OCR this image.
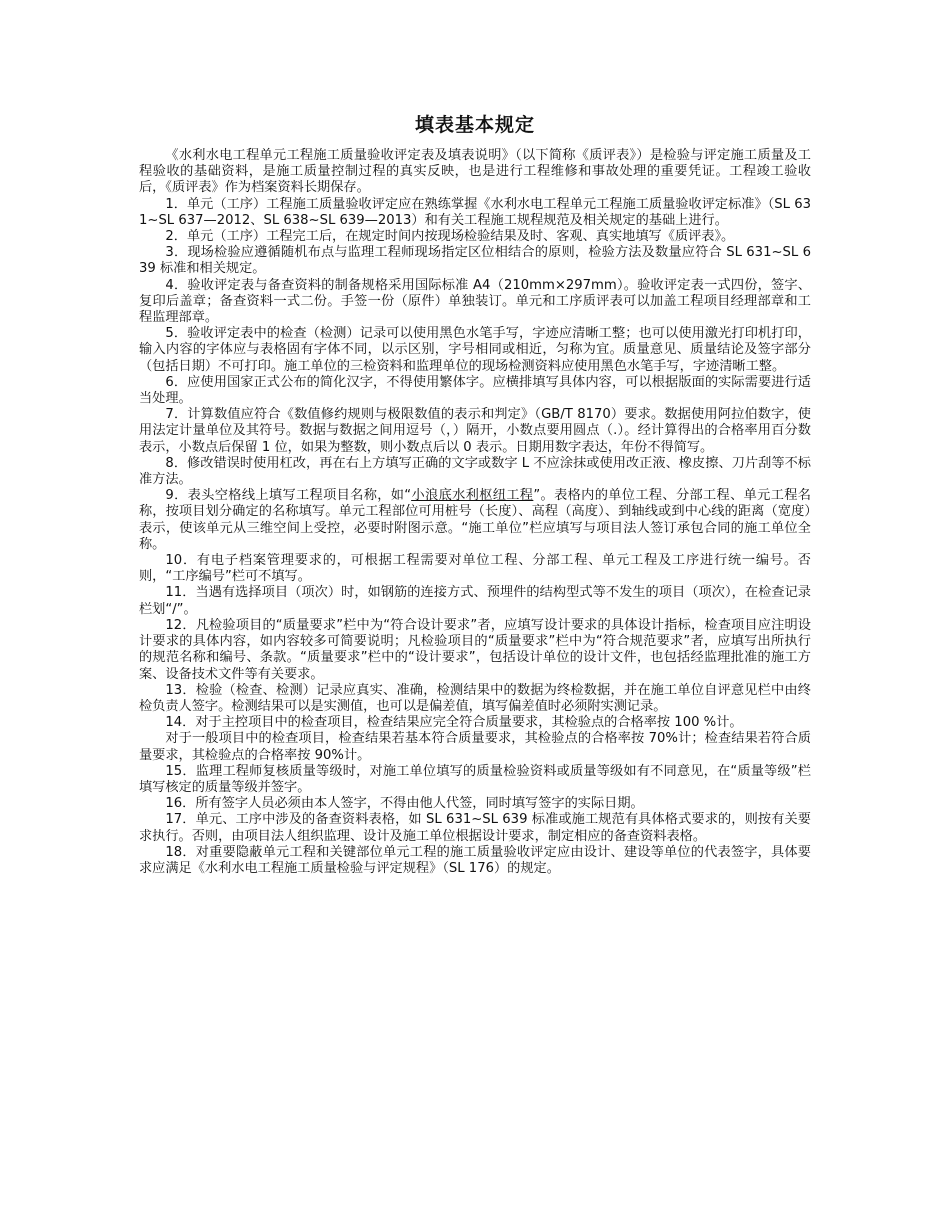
填表基本规定

《水利水电工程单元工程施工质量验收评定表及填表说明》（以下简称《质评表》）是检验与评定施工质量及工程验收的基础资料，是施工质量控制过程的真实反映，也是进行工程维修和事故处理的重要凭证。工程竣工验收后，《质评表》作为档案资料长期保存。

1．单元（工序）工程施工质量验收评定应在熟练掌握《水利水电工程单元工程施工质量验收评定标准》（SL 631~SL 637—2012、SL 638~SL 639—2013）和有关工程施工规程规范及相关规定的基础上进行。

2．单元（工序）工程完工后，在规定时间内按现场检验结果及时、客观、真实地填写《质评表》。

3．现场检验应遵循随机布点与监理工程师现场指定区位相结合的原则，检验方法及数量应符合 SL 631~SL 639 标准和相关规定。

4．验收评定表与备查资料的制备规格采用国际标准 A4（210mm×297mm）。验收评定表一式四份，签字、复印后盖章；备查资料一式二份。手签一份（原件）单独装订。单元和工序质评表可以加盖工程项目经理部章和工程监理部章。

5．验收评定表中的检查（检测）记录可以使用黑色水笔手写，字迹应清晰工整；也可以使用激光打印机打印，输入内容的字体应与表格固有字体不同，以示区别，字号相同或相近，匀称为宜。质量意见、质量结论及签字部分（包括日期）不可打印。施工单位的三检资料和监理单位的现场检测资料应使用黑色水笔手写，字迹清晰工整。

6．应使用国家正式公布的简化汉字，不得使用繁体字。应横排填写具体内容，可以根据版面的实际需要进行适当处理。

7．计算数值应符合《数值修约规则与极限数值的表示和判定》（GB/T 8170）要求。数据使用阿拉伯数字，使用法定计量单位及其符号。数据与数据之间用逗号（，）隔开，小数点要用圆点（.）。经计算得出的合格率用百分数表示，小数点后保留 1 位，如果为整数，则小数点后以 0 表示。日期用数字表达，年份不得简写。

8．修改错误时使用杠改，再在右上方填写正确的文字或数字 L 不应涂抹或使用改正液、橡皮擦、刀片刮等不标准方法。

9．表头空格线上填写工程项目名称，如“小浪底水利枢纽工程”。表格内的单位工程、分部工程、单元工程名称，按项目划分确定的名称填写。单元工程部位可用桩号（长度）、高程（高度）、到轴线或到中心线的距离（宽度）表示，使该单元从三维空间上受控，必要时附图示意。“施工单位”栏应填写与项目法人签订承包合同的施工单位全称。

10．有电子档案管理要求的，可根据工程需要对单位工程、分部工程、单元工程及工序进行统一编号。否则，“工序编号”栏可不填写。

11．当遇有选择项目（项次）时，如钢筋的连接方式、预埋件的结构型式等不发生的项目（项次），在检查记录栏划“/”。

12．凡检验项目的“质量要求”栏中为“符合设计要求”者，应填写设计要求的具体设计指标，检查项目应注明设计要求的具体内容，如内容较多可简要说明；凡检验项目的“质量要求”栏中为“符合规范要求”者，应填写出所执行的规范名称和编号、条款。“质量要求”栏中的“设计要求”，包括设计单位的设计文件，也包括经监理批准的施工方案、设备技术文件等有关要求。

13．检验（检查、检测）记录应真实、准确，检测结果中的数据为终检数据，并在施工单位自评意见栏中由终检负责人签字。检测结果可以是实测值，也可以是偏差值，填写偏差值时必须附实测记录。

14．对于主控项目中的检查项目，检查结果应完全符合质量要求，其检验点的合格率按 100 %计。

对于一般项目中的检查项目，检查结果若基本符合质量要求，其检验点的合格率按 70%计；检查结果若符合质量要求，其检验点的合格率按 90%计。

15．监理工程师复核质量等级时，对施工单位填写的质量检验资料或质量等级如有不同意见，在“质量等级”栏填写核定的质量等级并签字。

16．所有签字人员必须由本人签字，不得由他人代签，同时填写签字的实际日期。

17．单元、工序中涉及的备查资料表格，如 SL 631~SL 639 标准或施工规范有具体格式要求的，则按有关要求执行。否则，由项目法人组织监理、设计及施工单位根据设计要求，制定相应的备查资料表格。

18．对重要隐蔽单元工程和关键部位单元工程的施工质量验收评定应由设计、建设等单位的代表签字，具体要求应满足《水利水电工程施工质量检验与评定规程》（SL 176）的规定。
